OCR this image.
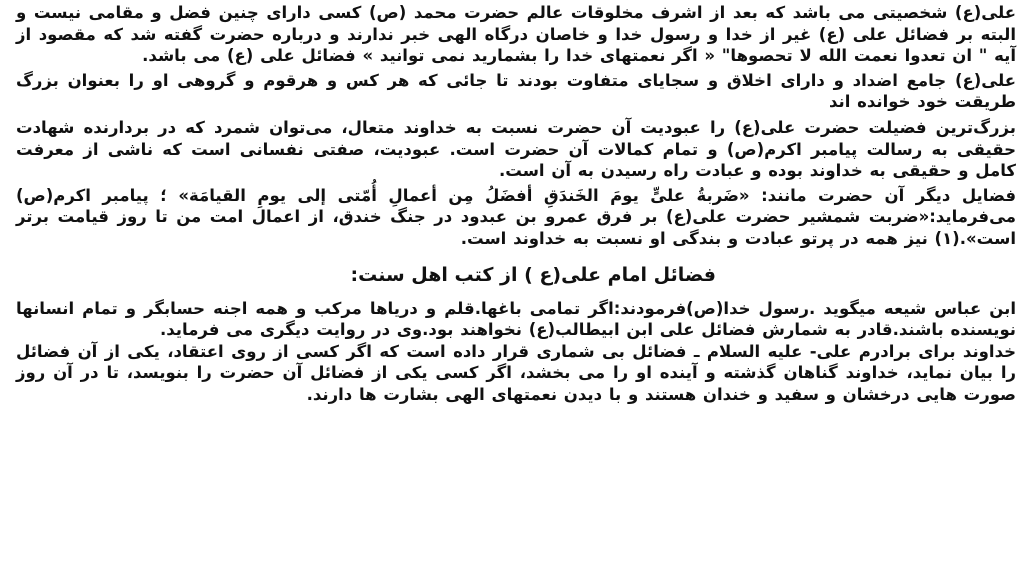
علی(ع) شخصیتی می باشد که بعد از اشرف مخلوقات عالم حضرت محمد (ص) کسی دارای چنین فضل و مقامی نیست و البته بر فضائل علی (ع) غیر از خدا و رسول خدا و خاصان درگاه الهی خبر ندارند و درباره حضرت گفته شد که مقصود از آیه " ان تعدوا نعمت الله لا تحصوها" « اگر نعمتهای خدا را بشمارید نمی توانید » فضائل علی (ع) می باشد.

علی(ع) جامع اضداد و دارای اخلاق و سجایای متفاوت بودند تا جائی که هر کس و هرقوم و گروهی او را بعنوان بزرگ طریقت خود خوانده اند

بزرگ‌ترین فضیلت حضرت علی(ع) را عبودیت آن حضرت نسبت به خداوند متعال، می‌توان شمرد که در بردارنده شهادت حقیقی به رسالت پیامبر اکرم(ص) و تمام کمالات آن حضرت است. عبودیت، صفتی نفسانی است که ناشی از معرفت کامل و حقیقی به خداوند بوده و عبادت راه رسیدن به آن است.

فضایل دیگر آن حضرت مانند: «ضَربةُ علیٍّ یومَ الخَندَقِ أفضَلُ مِن أعمالِ أُمّتی إلی یومِ القیامَة» ؛ پیامبر اکرم(ص) می‌فرماید:«ضربت شمشیر حضرت علی(ع) بر فرق عمرو بن عبدود در جنگ خندق، از اعمال امت من تا روز قیامت برتر است».(۱) نیز همه در پرتو عبادت و بندگی او نسبت به خداوند است.

فضائل امام علی(ع ) از کتب اهل سنت:

ابن عباس شیعه میگوید .رسول خدا(ص)فرمودند:اگر تمامی باغها.قلم و دریاها مرکب و همه اجنه حسابگر و تمام انسانها نویسنده باشند.قادر به شمارش فضائل علی ابن ابیطالب(ع) نخواهند بود.وی در روایت دیگری می فرماید.

خداوند برای برادرم علی- علیه السلام ـ فضائل بی شماری قرار داده است که اگر کسی از روی اعتقاد، یکی از آن فضائل را بیان نماید، خداوند گناهان گذشته و آینده او را می بخشد، اگر کسی یکی از فضائل آن حضرت را بنویسد، تا در آن روز صورت هایی درخشان و سفید و خندان هستند و با دیدن نعمتهای الهی بشارت ها دارند.
